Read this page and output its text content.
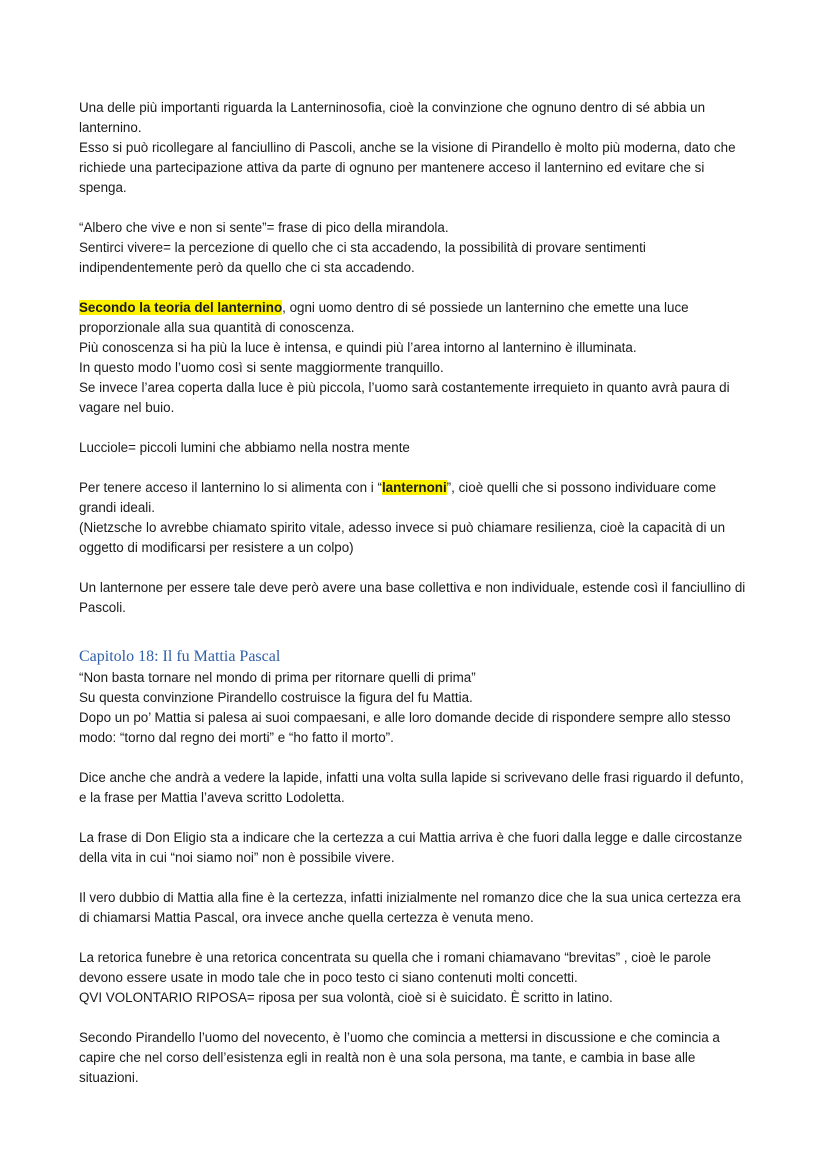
Una delle più importanti riguarda la Lanterninosofia, cioè la convinzione che ognuno dentro di sé abbia un lanternino.

Esso si può ricollegare al fanciullino di Pascoli, anche se la visione di Pirandello è molto più moderna, dato che richiede una partecipazione attiva da parte di ognuno per mantenere acceso il lanternino ed evitare che si spenga.

“Albero che vive e non si sente”= frase di pico della mirandola.

Sentirci vivere= la percezione di quello che ci sta accadendo, la possibilità di provare sentimenti indipendentemente però da quello che ci sta accadendo.

Secondo la teoria del lanternino, ogni uomo dentro di sé possiede un lanternino che emette una luce proporzionale alla sua quantità di conoscenza.

Più conoscenza si ha più la luce è intensa, e quindi più l’area intorno al lanternino è illuminata.

In questo modo l’uomo così si sente maggiormente tranquillo.

Se invece l’area coperta dalla luce è più piccola, l’uomo sarà costantemente irrequieto in quanto avrà paura di vagare nel buio.

Lucciole= piccoli lumini che abbiamo nella nostra mente

Per tenere acceso il lanternino lo si alimenta con i “lanternoni”, cioè quelli che si possono individuare come grandi ideali.

(Nietzsche lo avrebbe chiamato spirito vitale, adesso invece si può chiamare resilienza, cioè la capacità di un oggetto di modificarsi per resistere a un colpo)

Un lanternone per essere tale deve però avere una base collettiva e non individuale, estende così il fanciullino di Pascoli.

Capitolo 18: Il fu Mattia Pascal

“Non basta tornare nel mondo di prima per ritornare quelli di prima”

Su questa convinzione Pirandello costruisce la figura del fu Mattia.

Dopo un po’ Mattia si palesa ai suoi compaesani, e alle loro domande decide di rispondere sempre allo stesso modo: “torno dal regno dei morti” e “ho fatto il morto”.

Dice anche che andrà a vedere la lapide, infatti una volta sulla lapide si scrivevano delle frasi riguardo il defunto, e la frase per Mattia l’aveva scritto Lodoletta.

La frase di Don Eligio sta a indicare che la certezza a cui Mattia arriva è che fuori dalla legge e dalle circostanze della vita in cui “noi siamo noi” non è possibile vivere.

Il vero dubbio di Mattia alla fine è la certezza, infatti inizialmente nel romanzo dice che la sua unica certezza era di chiamarsi Mattia Pascal, ora invece anche quella certezza è venuta meno.

La retorica funebre è una retorica concentrata su quella che i romani chiamavano “brevitas” , cioè le parole devono essere usate in modo tale che in poco testo ci siano contenuti molti concetti.

QVI VOLONTARIO RIPOSA= riposa per sua volontà, cioè si è suicidato. È scritto in latino.

Secondo Pirandello l’uomo del novecento, è l’uomo che comincia a mettersi in discussione e che comincia a capire che nel corso dell’esistenza egli in realtà non è una sola persona, ma tante, e cambia in base alle situazioni.
